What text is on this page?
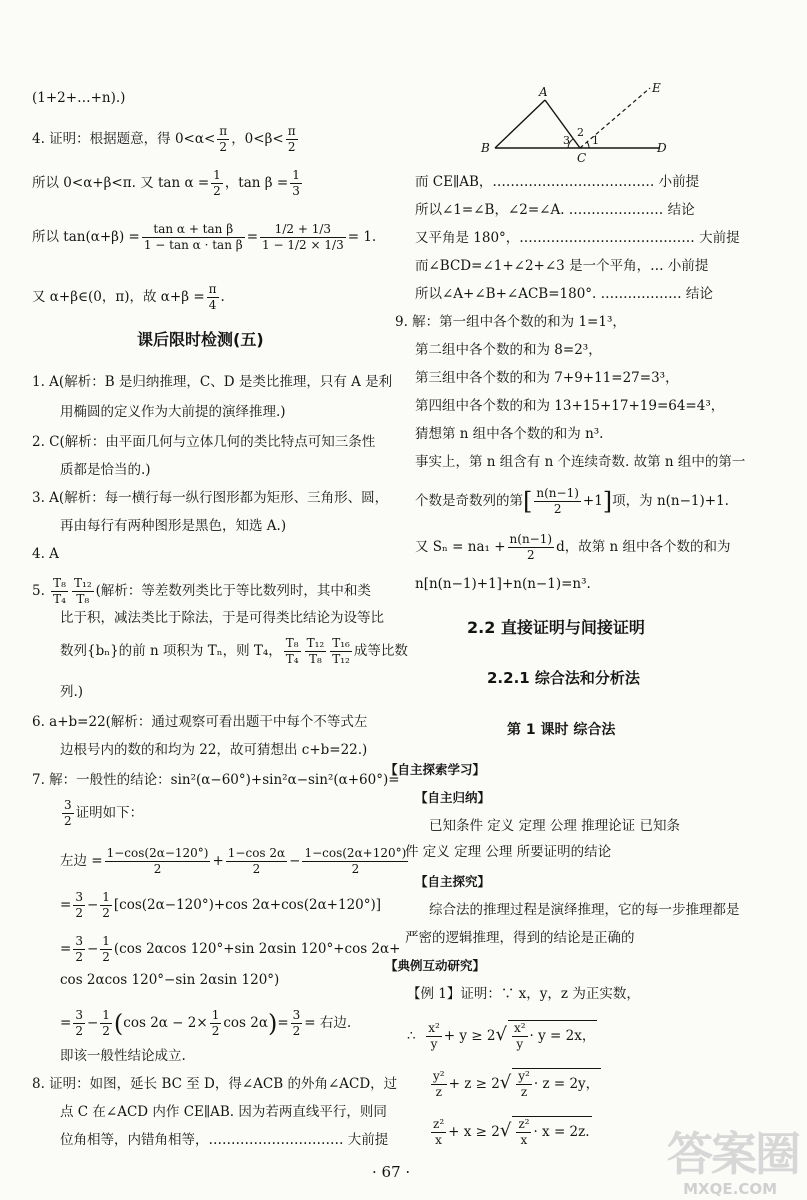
(1+2+…+n).)
4. 证明：根据题意，得 $0<\alpha< \frac{\pi}{2}$ ，$0<\beta< \frac{\pi}{2}$
所以 0<α+β<π. 又 $\tan \alpha = \frac{1}{2}$ ，$\tan \beta = \frac{1}{3}$
所以 $\tan(\alpha+\beta) = \frac{\text{tan α + tan β}}{\text{1 − tan α · tan β}} = \frac{1/2 + 1/3}{1 - 1/2 \times 1/3} = 1$.
又 α+β∈(0，π)，故 $\alpha+\beta = \frac{\pi}{4}$ .
课后限时检测(五)
1. A(解析：B 是归纳推理，C、D 是类比推理，只有 A 是利
用椭圆的定义作为大前提的演绎推理.)
2. C(解析：由平面几何与立体几何的类比特点可知三条性
质都是恰当的.)
3. A(解析：每一横行每一纵行图形都为矩形、三角形、圆，
再由每行有两种图形是黑色，知选 A.)
4. A
5. $\frac{\text{T₈}}{\text{T₄}} \frac{\text{T₁₂}}{\text{T₈}}$ (解析：等差数列类比于等比数列时，其中和类
比于积，减法类比于除法，于是可得类比结论为设等比
数列{bₙ}的前 n 项积为 Tₙ，则 T₄， $\frac{\text{T₈}}{\text{T₄}} \frac{\text{T₁₂}}{\text{T₈}} \frac{\text{T₁₆}}{\text{T₁₂}}$ 成等比数
列.)
6. a+b=22(解析：通过观察可看出题干中每个不等式左
边根号内的数的和均为 22，故可猜想出 c+b=22.)
7. 解：一般性的结论：sin²(α−60°)+sin²α−sin²(α+60°)=
$\frac{3}{2}$ 证明如下：
左边 = $\frac{1-\cos(2\alpha-120^\circ)}{2} + \frac{1-\cos 2\alpha}{2} - \frac{1-\cos(2\alpha+120^\circ)}{2}$
= $\frac{3}{2} - \frac{1}{2} [\cos(2\alpha-120^\circ)+\cos$ 2α+cos(2α+120°)]
= $\frac{3}{2} - \frac{1}{2} (\cos$ 2αcos 120°+sin 2αsin 120°+cos 2α+
cos 2αcos 120°−sin 2αsin 120°)
= $\frac{3}{2} - \frac{1}{2} (\cos$ $2\alpha - 2\times \frac{1}{2}$ $\cos 2\alpha)= \frac{3}{2}$ = 右边.
即该一般性结论成立.
8. 证明：如图，延长 BC 至 D，得∠ACB 的外角∠ACD，过
点 C 在∠ACD 内作 CE∥AB. 因为若两直线平行，则同
位角相等，内错角相等，………………………… 大前提
A
B
C
D
E
1
2
3
而 CE∥AB，……………………………… 小前提
所以∠1=∠B，∠2=∠A. ………………… 结论
又平角是 180°，………………………………… 大前提
而∠BCD=∠1+∠2+∠3 是一个平角，… 小前提
所以∠A+∠B+∠ACB=180°. ……………… 结论
9. 解：第一组中各个数的和为 1=1³，
第二组中各个数的和为 8=2³，
第三组中各个数的和为 7+9+11=27=3³，
第四组中各个数的和为 13+15+17+19=64=4³，
猜想第 n 组中各个数的和为 n³.
事实上，第 n 组含有 n 个连续奇数. 故第 n 组中的第一
个数是奇数列的第[ $\frac{n(n-1)}{2} +1$]项，为 n(n−1)+1.
又 $S_n = na_1 + \frac{n(n-1)}{2}$ d，故第 n 组中各个数的和为
n[n(n−1)+1]+n(n−1)=n³.
2.2 直接证明与间接证明
2.2.1 综合法和分析法
第 1 课时 综合法
【自主探索学习】
【自主归纳】
已知条件 定义 定理 公理 推理论证 已知条
件 定义 定理 公理 所要证明的结论
【自主探究】
综合法的推理过程是演绎推理，它的每一步推理都是
严密的逻辑推理，得到的结论是正确的
【典例互动研究】
【例 1】证明：∵ x，y，z 为正实数，
∴ $\frac{\text{x²}}{y} + y \ge 2√ \frac{\text{x²}}{y} \cdot y = 2x$，
$\frac{\text{y²}}{z} + z \ge 2√ \frac{\text{y²}}{z} \cdot z = 2y$，
$\frac{\text{z²}}{x} + x \ge 2√ \frac{\text{z²}}{x} \cdot x = 2z$.
· 67 ·	答案圈
MXQE.COM
